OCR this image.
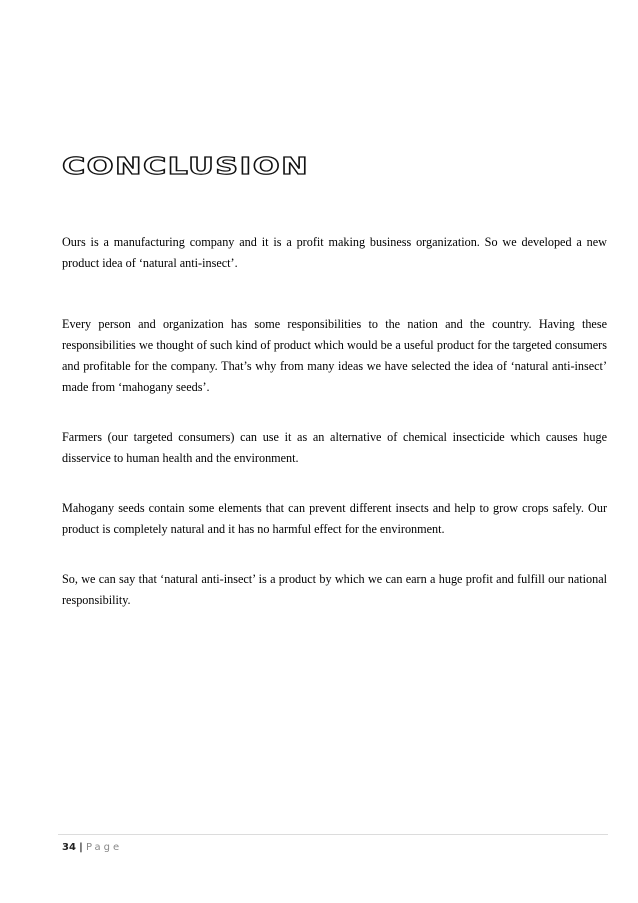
CONCLUSION

Ours is a manufacturing company and it is a profit making business organization. So we developed a new product idea of ‘natural anti-insect’.

Every person and organization has some responsibilities to the nation and the country. Having these responsibilities we thought of such kind of product which would be a useful product for the targeted consumers and profitable for the company. That’s why from many ideas we have selected the idea of ‘natural anti-insect’ made from ‘mahogany seeds’.

Farmers (our targeted consumers) can use it as an alternative of chemical insecticide which causes huge disservice to human health and the environment.

Mahogany seeds contain some elements that can prevent different insects and help to grow crops safely. Our product is completely natural and it has no harmful effect for the environment.

So, we can say that ‘natural anti-insect’ is a product by which we can earn a huge profit and fulfill our national responsibility.

34 | Page
